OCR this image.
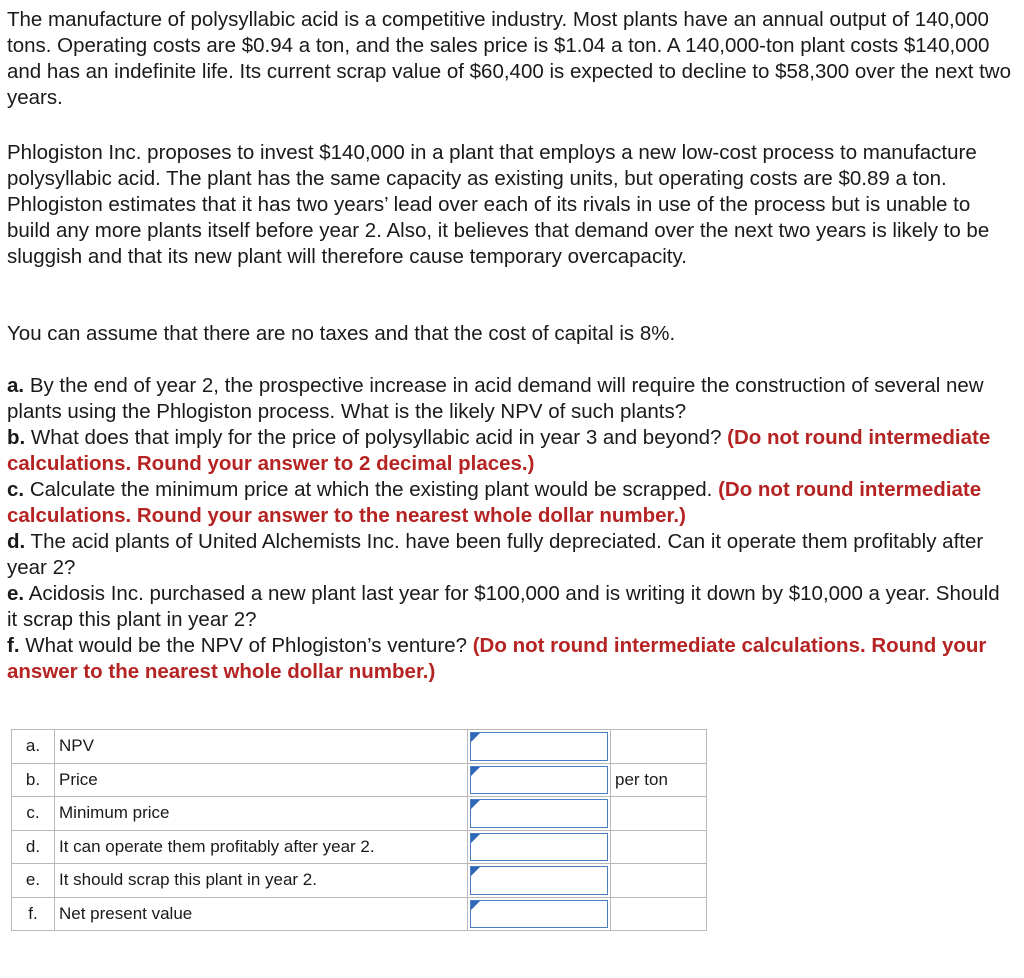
The manufacture of polysyllabic acid is a competitive industry. Most plants have an annual output of 140,000 tons. Operating costs are $0.94 a ton, and the sales price is $1.04 a ton. A 140,000-ton plant costs $140,000 and has an indefinite life. Its current scrap value of $60,400 is expected to decline to $58,300 over the next two years.

Phlogiston Inc. proposes to invest $140,000 in a plant that employs a new low-cost process to manufacture polysyllabic acid. The plant has the same capacity as existing units, but operating costs are $0.89 a ton. Phlogiston estimates that it has two years’ lead over each of its rivals in use of the process but is unable to build any more plants itself before year 2. Also, it believes that demand over the next two years is likely to be sluggish and that its new plant will therefore cause temporary overcapacity.

You can assume that there are no taxes and that the cost of capital is 8%.

a. By the end of year 2, the prospective increase in acid demand will require the construction of several new plants using the Phlogiston process. What is the likely NPV of such plants?
b. What does that imply for the price of polysyllabic acid in year 3 and beyond? (Do not round intermediate calculations. Round your answer to 2 decimal places.)
c. Calculate the minimum price at which the existing plant would be scrapped. (Do not round intermediate calculations. Round your answer to the nearest whole dollar number.)
d. The acid plants of United Alchemists Inc. have been fully depreciated. Can it operate them profitably after year 2?
e. Acidosis Inc. purchased a new plant last year for $100,000 and is writing it down by $10,000 a year. Should it scrap this plant in year 2?
f. What would be the NPV of Phlogiston’s venture? (Do not round intermediate calculations. Round your answer to the nearest whole dollar number.)
a.	NPV	

b.	Price		per ton
c.	Minimum price	

d.	It can operate them profitably after year 2.	

e.	It should scrap this plant in year 2.	

f.	Net present value	
